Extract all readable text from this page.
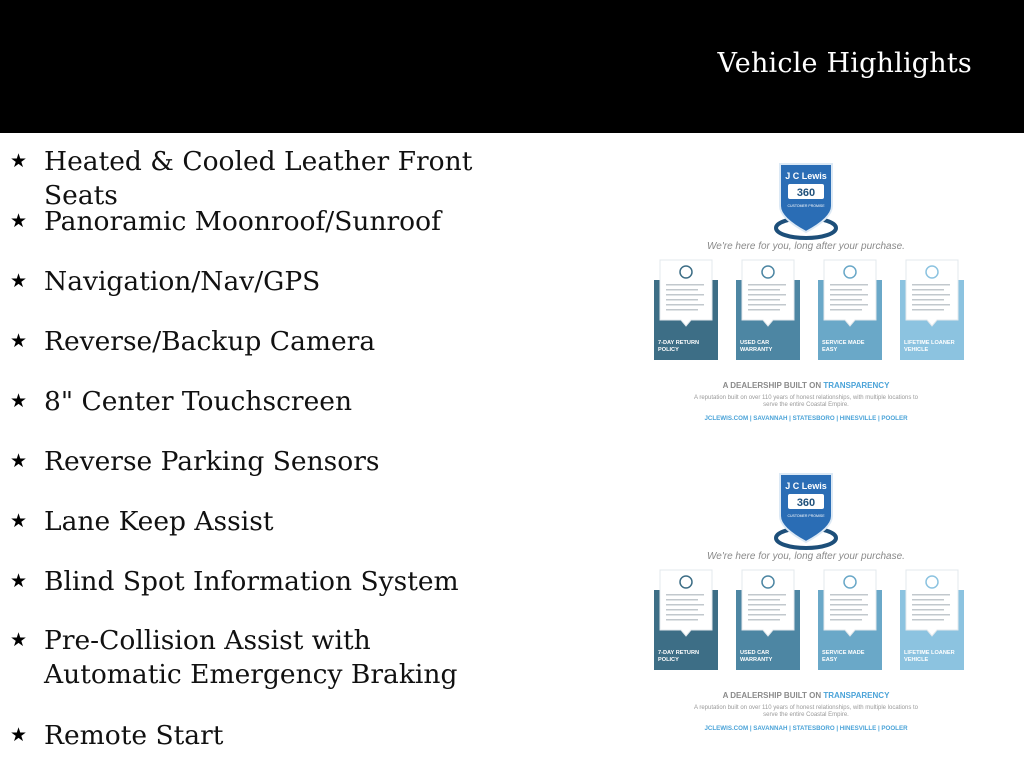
Vehicle Highlights
★ Heated & Cooled Leather Front Seats
★ Panoramic Moonroof/Sunroof
★ Navigation/Nav/GPS
★ Reverse/Backup Camera
★ 8" Center Touchscreen
★ Reverse Parking Sensors
★ Lane Keep Assist
★ Blind Spot Information System
★ Pre-Collision Assist with Automatic Emergency Braking
★ Remote Start
J C Lewis
360
CUSTOMER PROMISE
We're here for you, long after your purchase.
7-DAY RETURN
POLICY
USED CAR
WARRANTY
SERVICE MADE
EASY
LIFETIME LOANER
VEHICLE
A DEALERSHIP BUILT ON TRANSPARENCY
A reputation built on over 110 years of honest relationships, with multiple locations to
serve the entire Coastal Empire.
JCLEWIS.COM | SAVANNAH | STATESBORO | HINESVILLE | POOLER
J C Lewis
360
CUSTOMER PROMISE
We're here for you, long after your purchase.
7-DAY RETURN
POLICY
USED CAR
WARRANTY
SERVICE MADE
EASY
LIFETIME LOANER
VEHICLE
A DEALERSHIP BUILT ON TRANSPARENCY
A reputation built on over 110 years of honest relationships, with multiple locations to
serve the entire Coastal Empire.
JCLEWIS.COM | SAVANNAH | STATESBORO | HINESVILLE | POOLER
